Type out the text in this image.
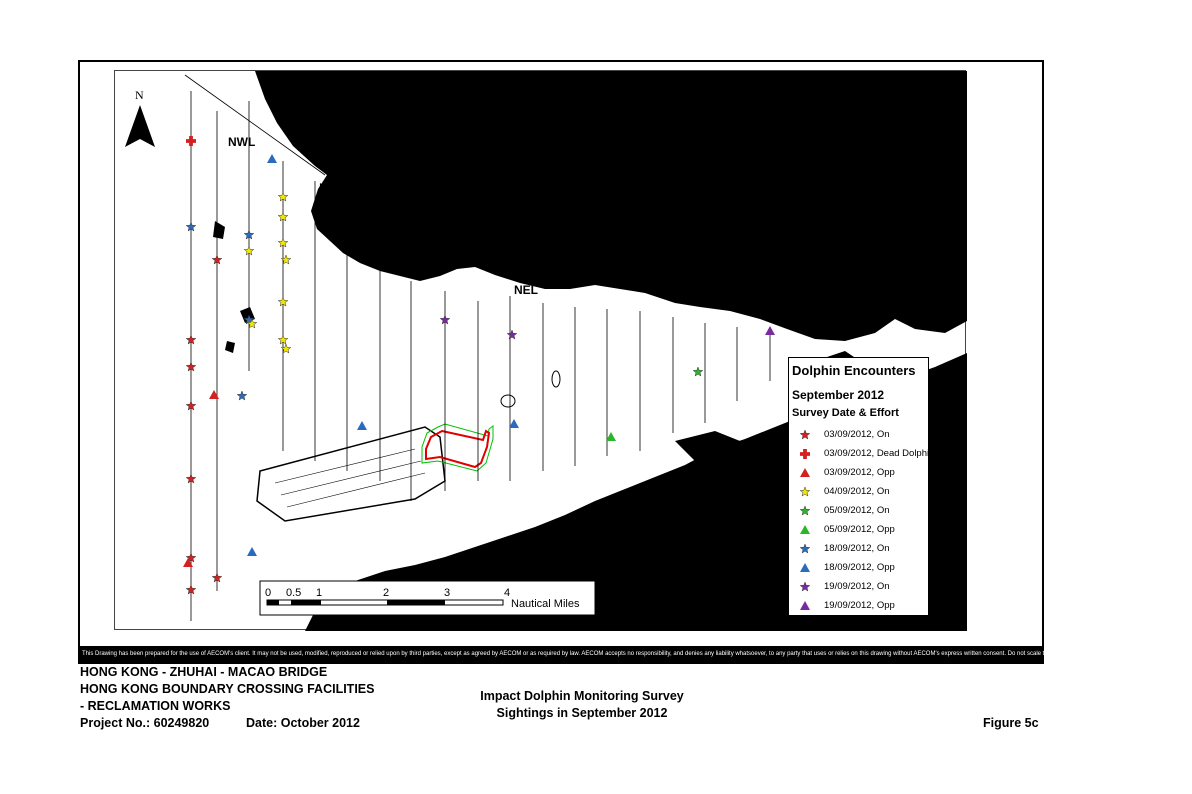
NWL
NEL
N
0 0.5 1	2	3	4
Nautical Miles
Dolphin Encounters
September 2012
Survey Date & Effort
03/09/2012, On
03/09/2012, Dead Dolphin
03/09/2012, Opp
04/09/2012, On
05/09/2012, On
05/09/2012, Opp
18/09/2012, On
18/09/2012, Opp
19/09/2012, On
19/09/2012, Opp
This Drawing has been prepared for the use of AECOM's client. It may not be used, modified, reproduced or relied upon by third parties, except as agreed by AECOM or as required by law. AECOM accepts no responsibility, and denies any liability whatsoever, to any party that uses or relies on this drawing without AECOM's express written consent. Do not scale this document. All measurements must be obtained from
HONG KONG - ZHUHAI - MACAO BRIDGE
HONG KONG BOUNDARY CROSSING FACILITIES
- RECLAMATION WORKS
Project No.: 60249820	Date: October 2012
Impact Dolphin Monitoring Survey
Sightings in September 2012
Figure 5c
